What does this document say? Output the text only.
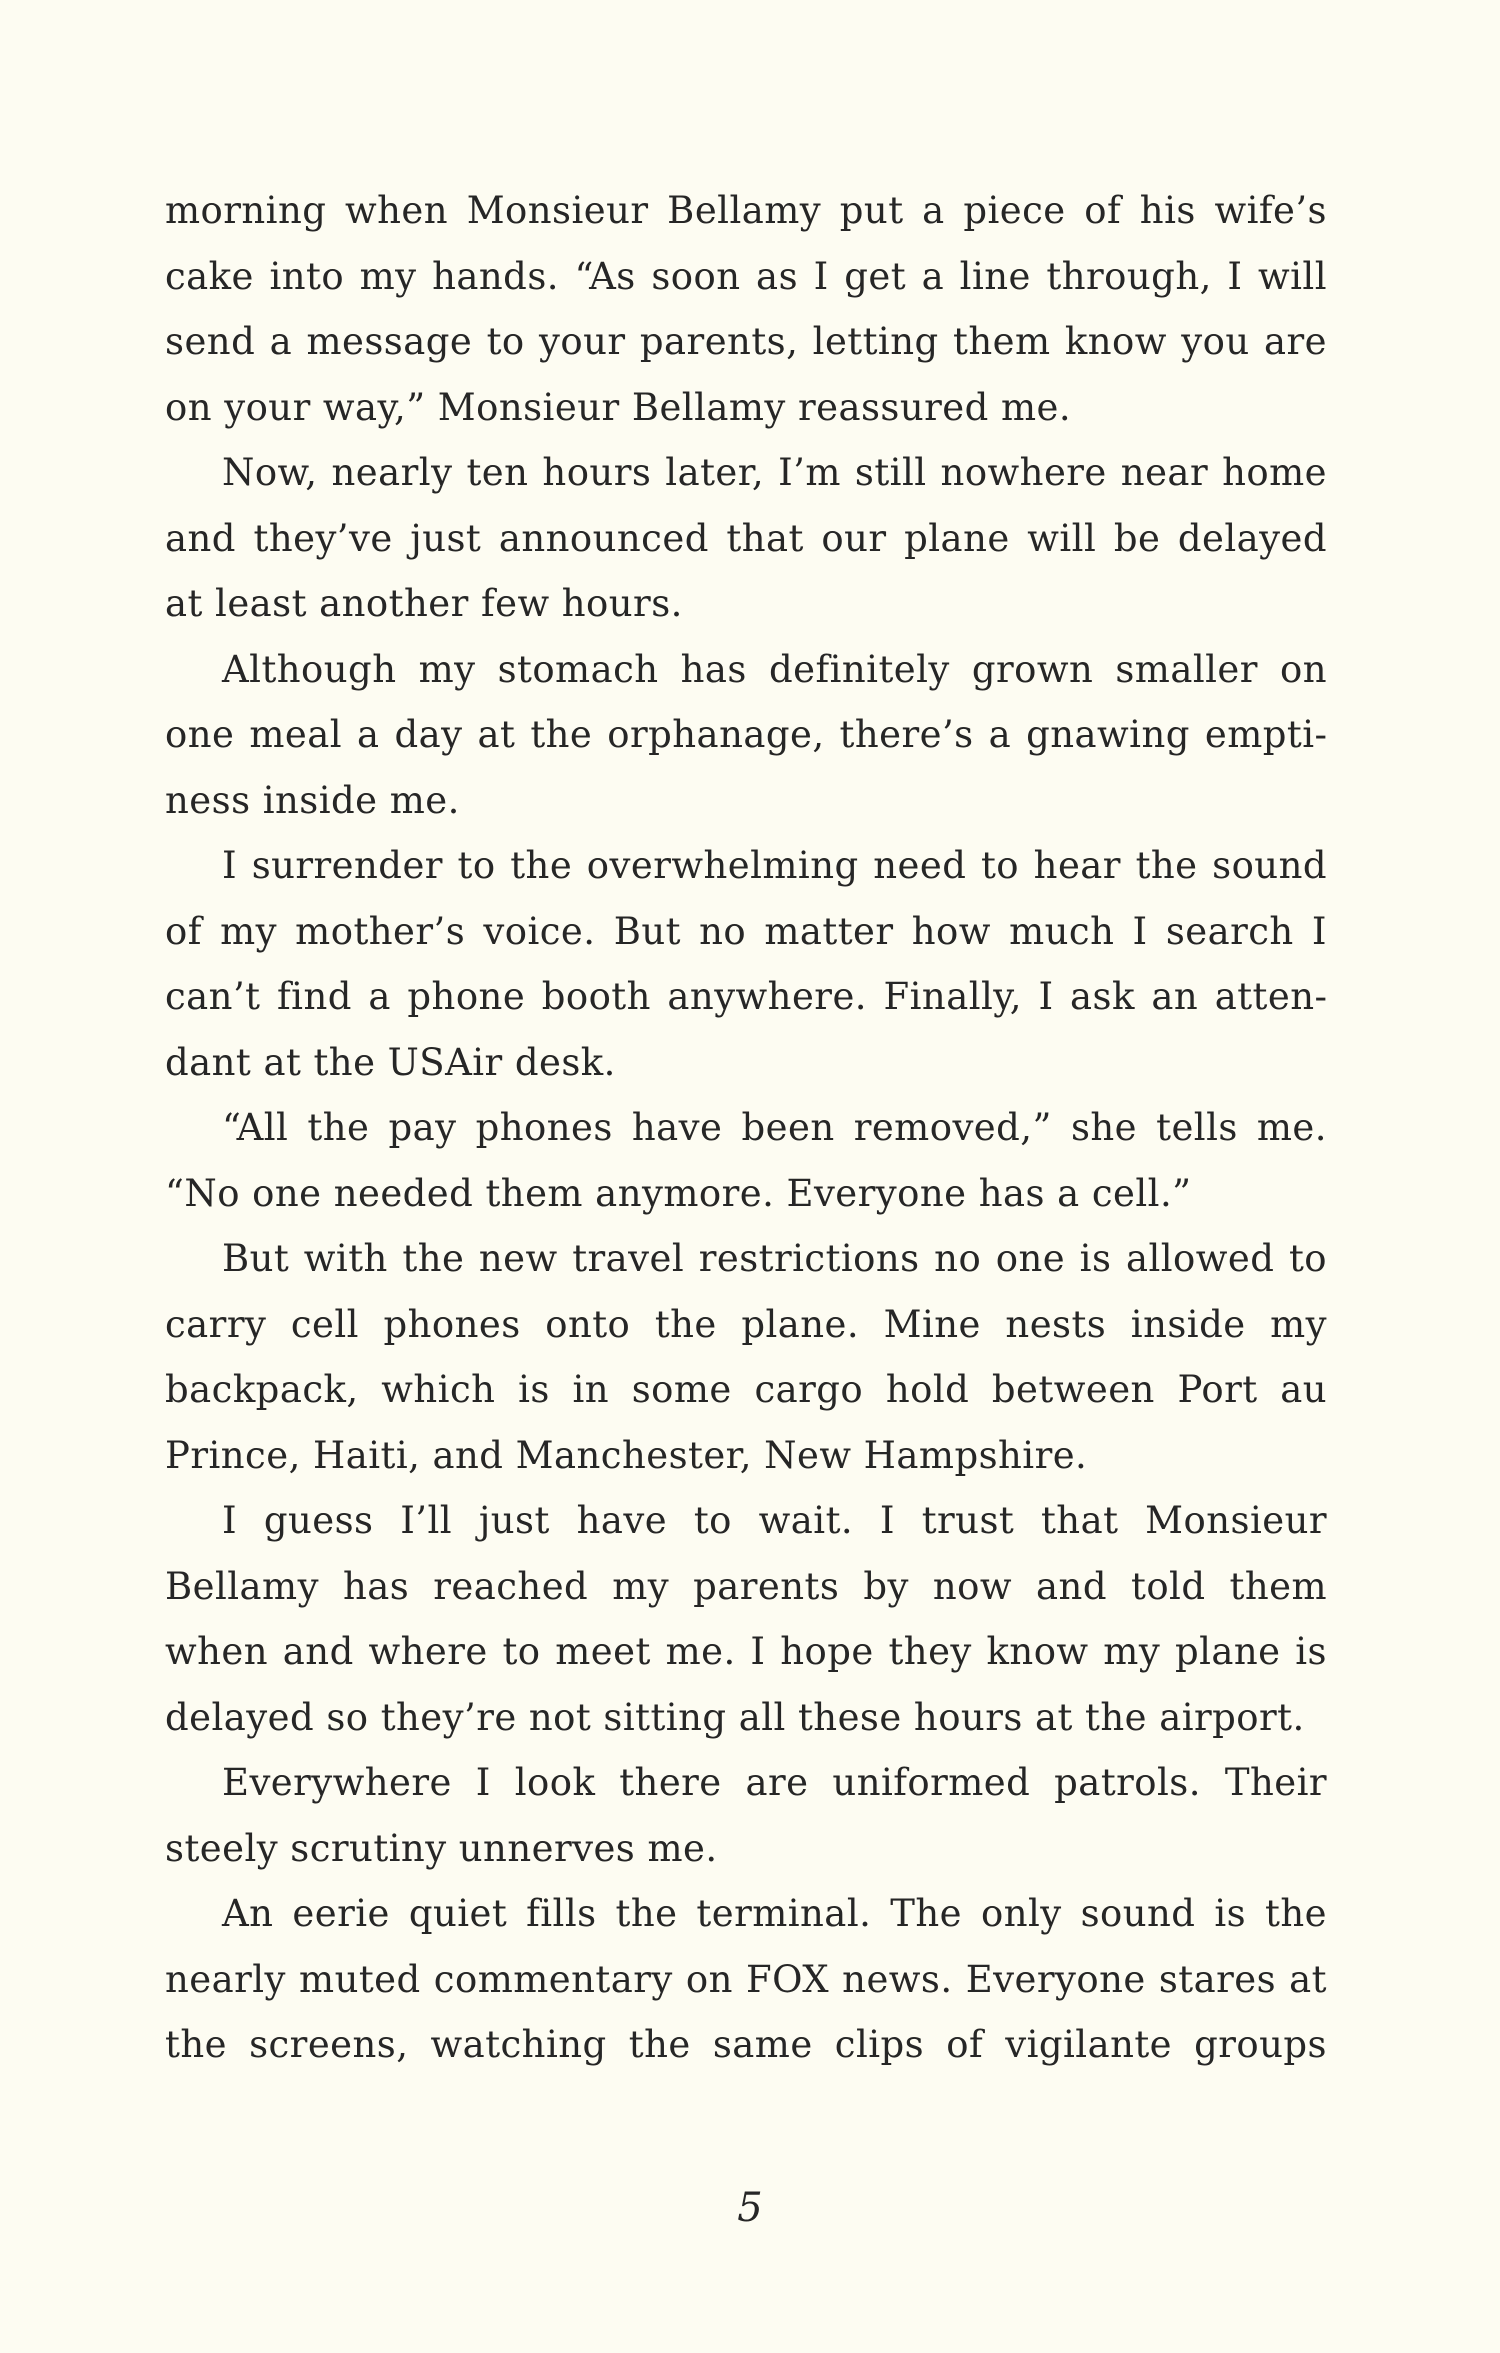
morning when Monsieur Bellamy put a piece of his wife’s cake into my hands. “As soon as I get a line through, I will send a message to your parents, letting them know you are on your way,” Monsieur Bellamy reassured me.

Now, nearly ten hours later, I’m still nowhere near home and they’ve just announced that our plane will be delayed at least another few hours.

Although my stomach has definitely grown smaller on one meal a day at the orphanage, there’s a gnawing emptiness inside me.

I surrender to the overwhelming need to hear the sound of my mother’s voice. But no matter how much I search I can’t find a phone booth anywhere. Finally, I ask an attendant at the USAir desk.

“All the pay phones have been removed,” she tells me. “No one needed them anymore. Everyone has a cell.”

But with the new travel restrictions no one is allowed to carry cell phones onto the plane. Mine nests inside my backpack, which is in some cargo hold between Port au Prince, Haiti, and Manchester, New Hampshire.

I guess I’ll just have to wait. I trust that Monsieur Bellamy has reached my parents by now and told them when and where to meet me. I hope they know my plane is delayed so they’re not sitting all these hours at the airport.

Everywhere I look there are uniformed patrols. Their steely scrutiny unnerves me.

An eerie quiet fills the terminal. The only sound is the nearly muted commentary on FOX news. Everyone stares at the screens, watching the same clips of vigilante groups

5
